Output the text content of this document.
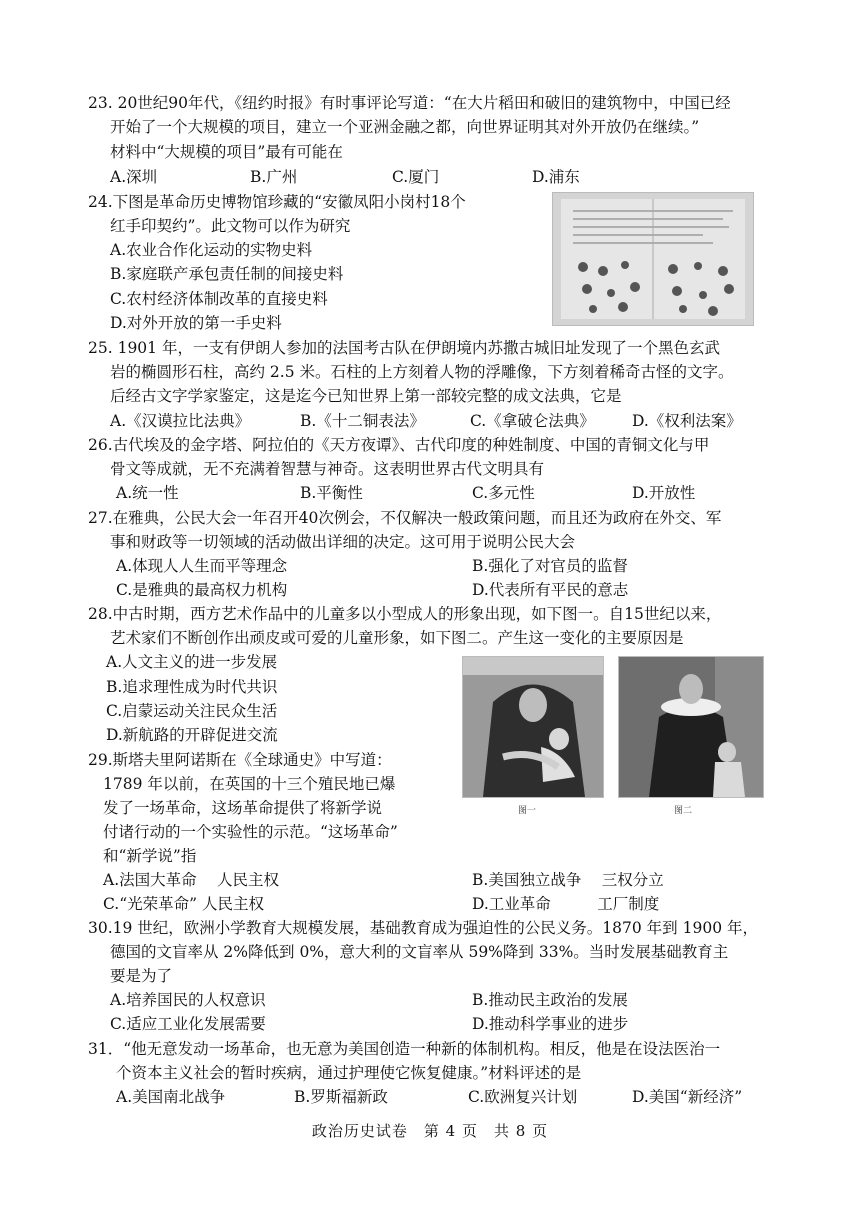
23. 20世纪90年代，《纽约时报》有时事评论写道：“在大片稻田和破旧的建筑物中，中国已经
开始了一个大规模的项目，建立一个亚洲金融之都，向世界证明其对外开放仍在继续。”
材料中“大规模的项目”最有可能在
A.深圳	B.广州	C.厦门	D.浦东
24.下图是革命历史博物馆珍藏的“安徽凤阳小岗村18个
红手印契约”。此文物可以作为研究
A.农业合作化运动的实物史料
B.家庭联产承包责任制的间接史料
C.农村经济体制改革的直接史料
D.对外开放的第一手史料
25. 1901 年，一支有伊朗人参加的法国考古队在伊朗境内苏撒古城旧址发现了一个黑色玄武
岩的椭圆形石柱，高约 2.5 米。石柱的上方刻着人物的浮雕像，下方刻着稀奇古怪的文字。
后经古文字学家鉴定，这是迄今已知世界上第一部较完整的成文法典，它是
A.《汉谟拉比法典》	B.《十二铜表法》	C.《拿破仑法典》 D.《权利法案》
26.古代埃及的金字塔、阿拉伯的《天方夜谭》、古代印度的种姓制度、中国的青铜文化与甲
骨文等成就，无不充满着智慧与神奇。这表明世界古代文明具有
A.统一性	B.平衡性	C.多元性	D.开放性
27.在雅典，公民大会一年召开40次例会，不仅解决一般政策问题，而且还为政府在外交、军
事和财政等一切领域的活动做出详细的决定。这可用于说明公民大会
A.体现人人生而平等理念	B.强化了对官员的监督
C.是雅典的最高权力机构	D.代表所有平民的意志
28.中古时期，西方艺术作品中的儿童多以小型成人的形象出现，如下图一。自15世纪以来，
艺术家们不断创作出顽皮或可爱的儿童形象，如下图二。产生这一变化的主要原因是
A.人文主义的进一步发展
B.追求理性成为时代共识
C.启蒙运动关注民众生活
D.新航路的开辟促进交流
图一	图二
29.斯塔夫里阿诺斯在《全球通史》中写道：
1789 年以前，在英国的十三个殖民地已爆
发了一场革命，这场革命提供了将新学说
付诸行动的一个实验性的示范。“这场革命”
和“新学说”指
A.法国大革命　 人民主权	B.美国独立战争　 三权分立
C.“光荣革命” 人民主权	D.工业革命　　　工厂制度
30.19 世纪，欧洲小学教育大规模发展，基础教育成为强迫性的公民义务。1870 年到 1900 年，
德国的文盲率从 2%降低到 0%，意大利的文盲率从 59%降到 33%。当时发展基础教育主
要是为了
A.培养国民的人权意识	B.推动民主政治的发展
C.适应工业化发展需要	D.推动科学事业的进步
31．“他无意发动一场革命，也无意为美国创造一种新的体制机构。相反，他是在设法医治一
个资本主义社会的暂时疾病，通过护理使它恢复健康。”材料评述的是
A.美国南北战争	B.罗斯福新政	C.欧洲复兴计划	D.美国“新经济”
政治历史试卷　第 4 页　共 8 页
